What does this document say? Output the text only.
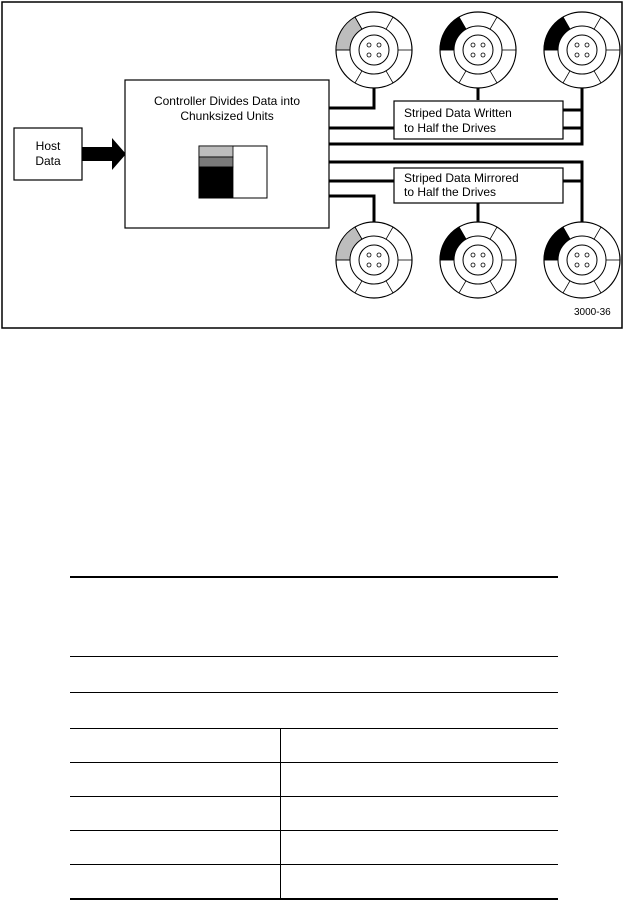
Host
Data
Controller Divides Data into
Chunksized Units	Striped Data Written
to Half the Drives
Striped Data Mirrored
to Half the Drives
3000-36
